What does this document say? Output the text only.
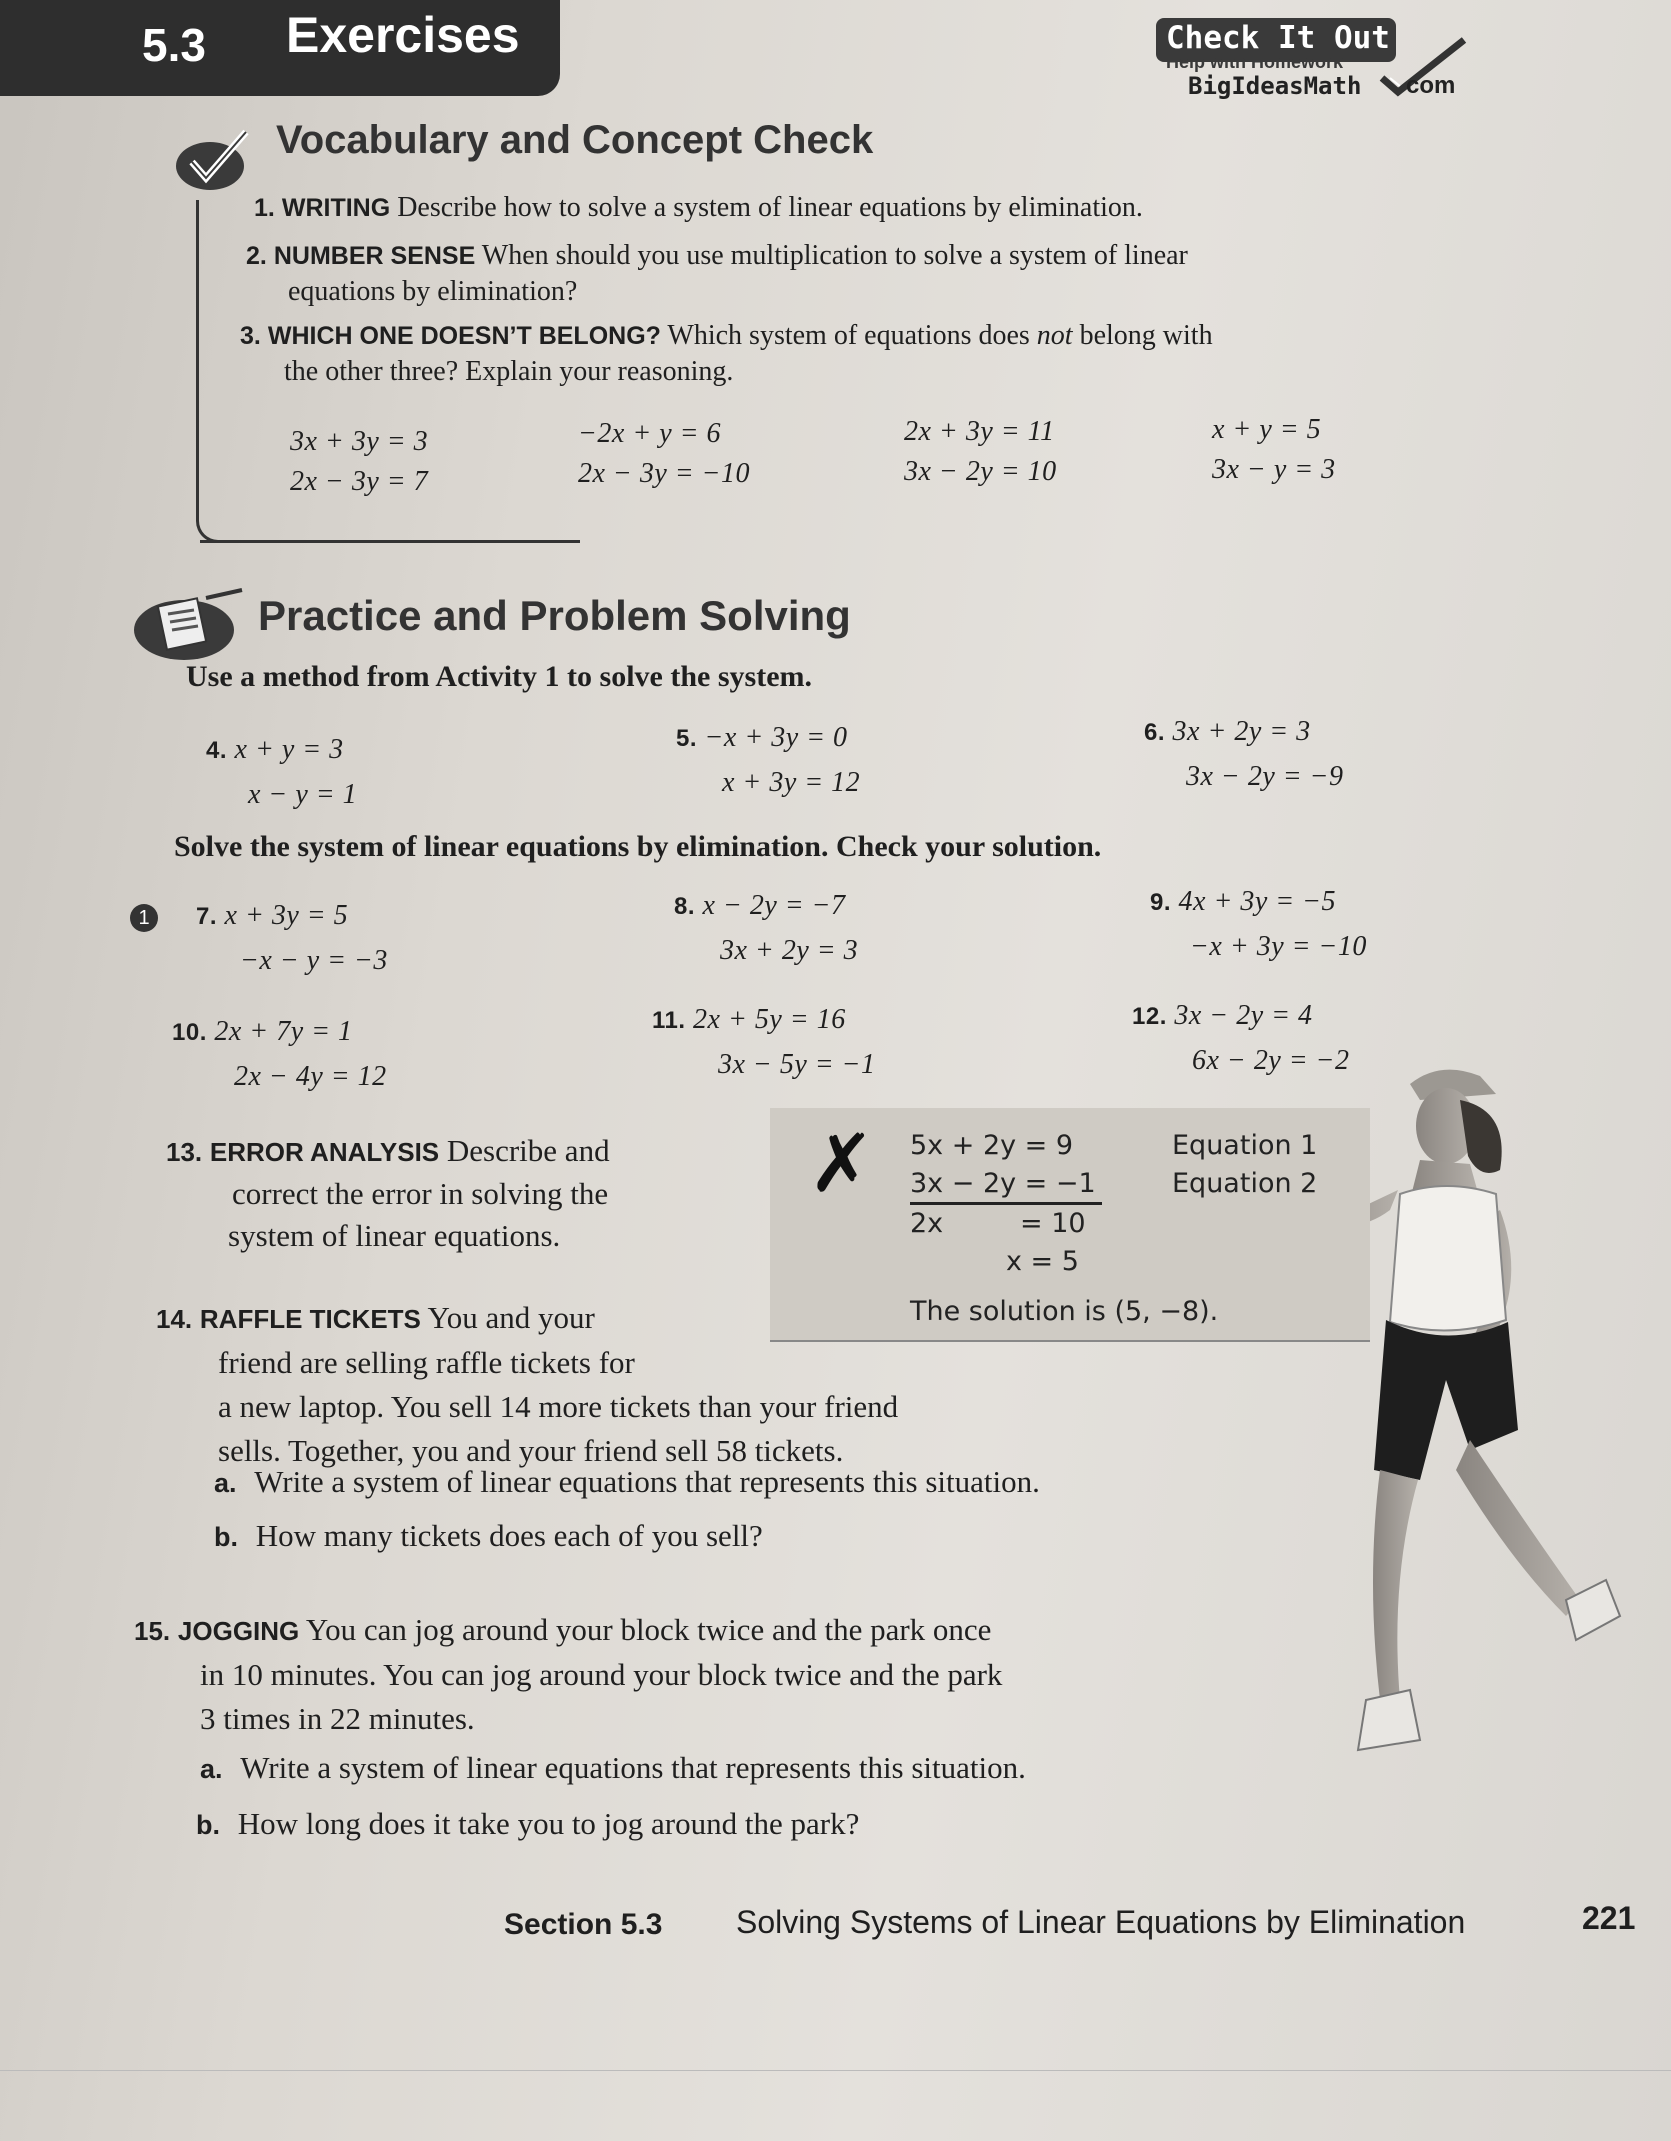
5.3 Exercises	Check It Out
Help with Homework
BigIdeasMath com
Vocabulary and Concept Check
1. WRITING Describe how to solve a system of linear equations by elimination.
2. NUMBER SENSE When should you use multiplication to solve a system of linear
equations by elimination?
3. WHICH ONE DOESN’T BELONG? Which system of equations does not belong with
the other three? Explain your reasoning.
3x + 3y = 3
2x − 3y = 7
−2x + y = 6
2x − 3y = −10
2x + 3y = 11
3x − 2y = 10
x + y = 5
3x − y = 3
Practice and Problem Solving
Use a method from Activity 1 to solve the system.
4. x + y = 3
x − y = 1
5. −x + 3y = 0
x + 3y = 12
6. 3x + 2y = 3
3x − 2y = −9
Solve the system of linear equations by elimination. Check your solution.
1	7. x + 3y = 5
−x − y = −3
8. x − 2y = −7
3x + 2y = 3
9. 4x + 3y = −5
−x + 3y = −10
10. 2x + 7y = 1
2x − 4y = 12
11. 2x + 5y = 16
3x − 5y = −1
12. 3x − 2y = 4
6x − 2y = −2
✗
13. ERROR ANALYSIS Describe and
correct the error in solving the
system of linear equations.
5x + 2y = 9	Equation 1
3x − 2y = −1	Equation 2
2x	= 10
x = 5
The solution is (5, −8).
14. RAFFLE TICKETS You and your
friend are selling raffle tickets for
a new laptop. You sell 14 more tickets than your friend
sells. Together, you and your friend sell 58 tickets.
a. Write a system of linear equations that represents this situation.
b. How many tickets does each of you sell?
15. JOGGING You can jog around your block twice and the park once
in 10 minutes. You can jog around your block twice and the park
3 times in 22 minutes.
a. Write a system of linear equations that represents this situation.
b. How long does it take you to jog around the park?
Section 5.3 Solving Systems of Linear Equations by Elimination	221
